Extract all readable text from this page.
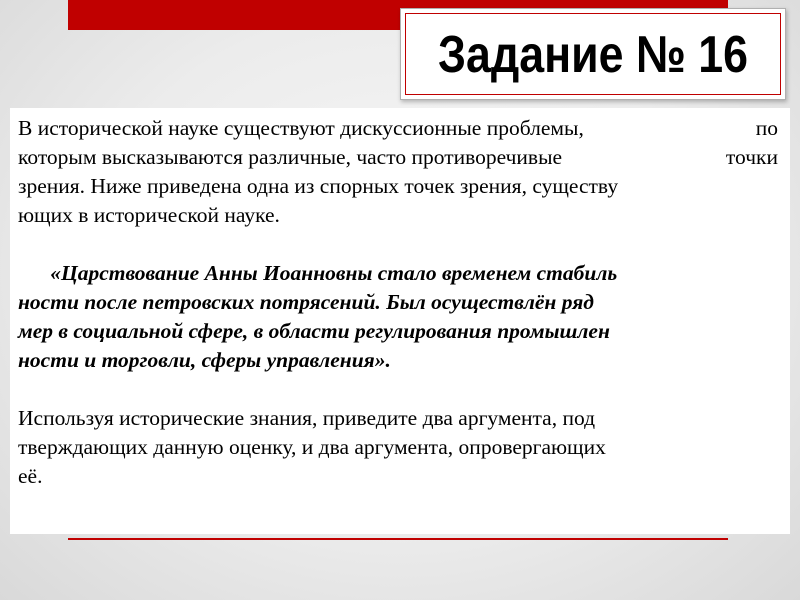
Задание № 16
В исторической науке существуют дискуссионные проблемы,	по
которым высказываются различные, часто противоречивые	точки
зрения. Ниже приведена одна из спорных точек зрения, существу
ющих в исторической науке.
«Царствование Анны Иоанновны стало временем стабиль
ности после петровских потрясений. Был осуществлён ряд
мер в социальной сфере, в области регулирования промышлен
ности и торговли, сферы управления».
Используя исторические знания, приведите два аргумента, под
тверждающих данную оценку, и два аргумента, опровергающих
её.
